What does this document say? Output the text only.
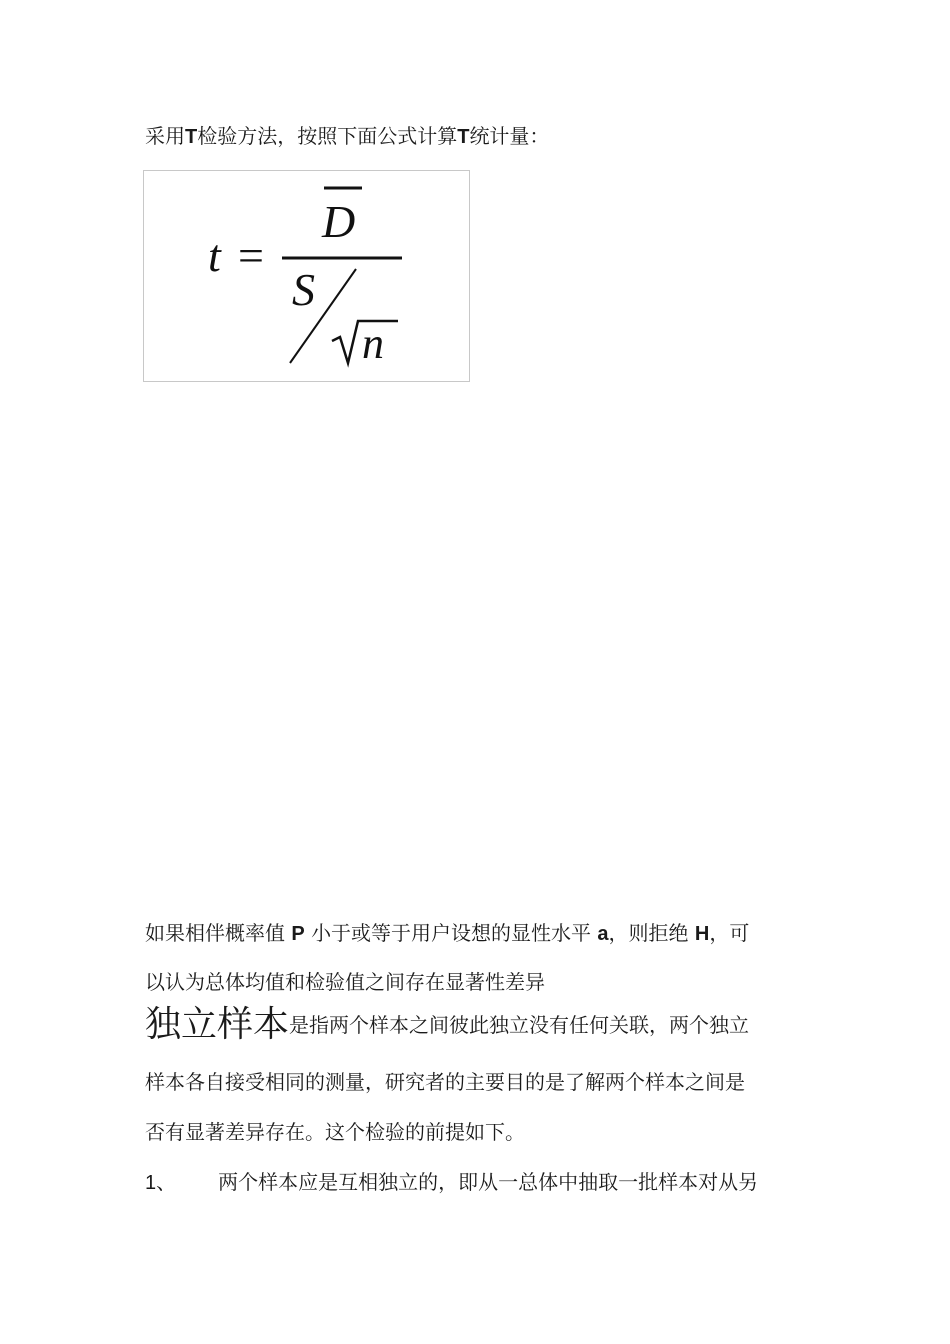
采用T检验方法，按照下面公式计算T统计量：
t =
D
S
n
如果相伴概率值 P 小于或等于用户设想的显性水平 a，则拒绝 H，可
以认为总体均值和检验值之间存在显著性差异
独立样本是指两个样本之间彼此独立没有任何关联，两个独立
样本各自接受相同的测量，研究者的主要目的是了解两个样本之间是
否有显著差异存在。这个检验的前提如下。
1、 两个样本应是互相独立的，即从一总体中抽取一批样本对从另
